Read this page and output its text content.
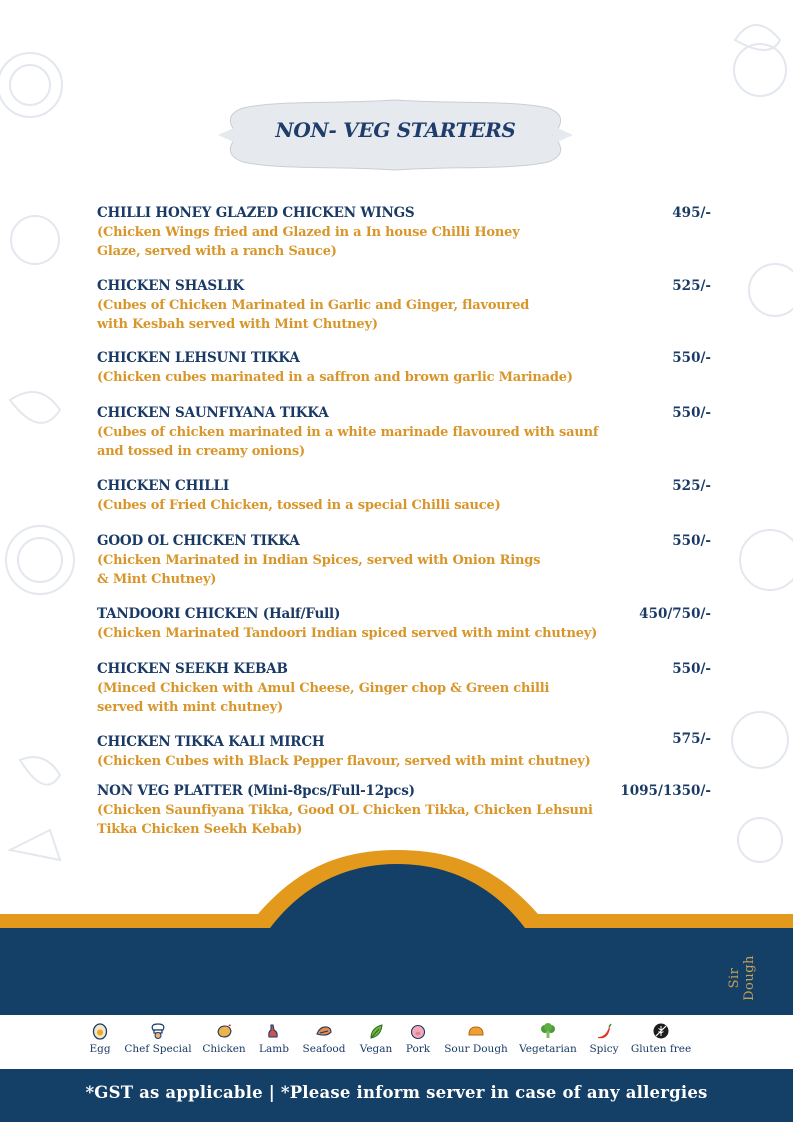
NON- VEG STARTERS
CHILLI HONEY GLAZED CHICKEN WINGS	495/-
(Chicken Wings fried and Glazed in a In house Chilli Honey
Glaze, served with a ranch Sauce)
CHICKEN SHASLIK	525/-
(Cubes of Chicken Marinated in Garlic and Ginger, flavoured
with Kesbah served with Mint Chutney)
CHICKEN LEHSUNI TIKKA	550/-
(Chicken cubes marinated in a saffron and brown garlic Marinade)
CHICKEN SAUNFIYANA TIKKA	550/-
(Cubes of chicken marinated in a white marinade flavoured with saunf
and tossed in creamy onions)
CHICKEN CHILLI	525/-
(Cubes of Fried Chicken, tossed in a special Chilli sauce)
GOOD OL CHICKEN TIKKA	550/-
(Chicken Marinated in Indian Spices, served with Onion Rings
& Mint Chutney)
TANDOORI CHICKEN (Half/Full)	450/750/-
(Chicken Marinated Tandoori Indian spiced served with mint chutney)
CHICKEN SEEKH KEBAB	550/-
(Minced Chicken with Amul Cheese, Ginger chop & Green chilli
served with mint chutney)
CHICKEN TIKKA KALI MIRCH	575/-
(Chicken Cubes with Black Pepper flavour, served with mint chutney)
NON VEG PLATTER (Mini-8pcs/Full-12pcs)	1095/1350/-
(Chicken Saunfiyana Tikka, Good OL Chicken Tikka, Chicken Lehsuni
Tikka Chicken Seekh Kebab)
Sir Dough
Egg	Chef Special	Chicken	Lamb Seafood Vegan	Pork	Sour Dough Vegetarian Spicy Gluten free
*GST as applicable | *Please inform server in case of any allergies
